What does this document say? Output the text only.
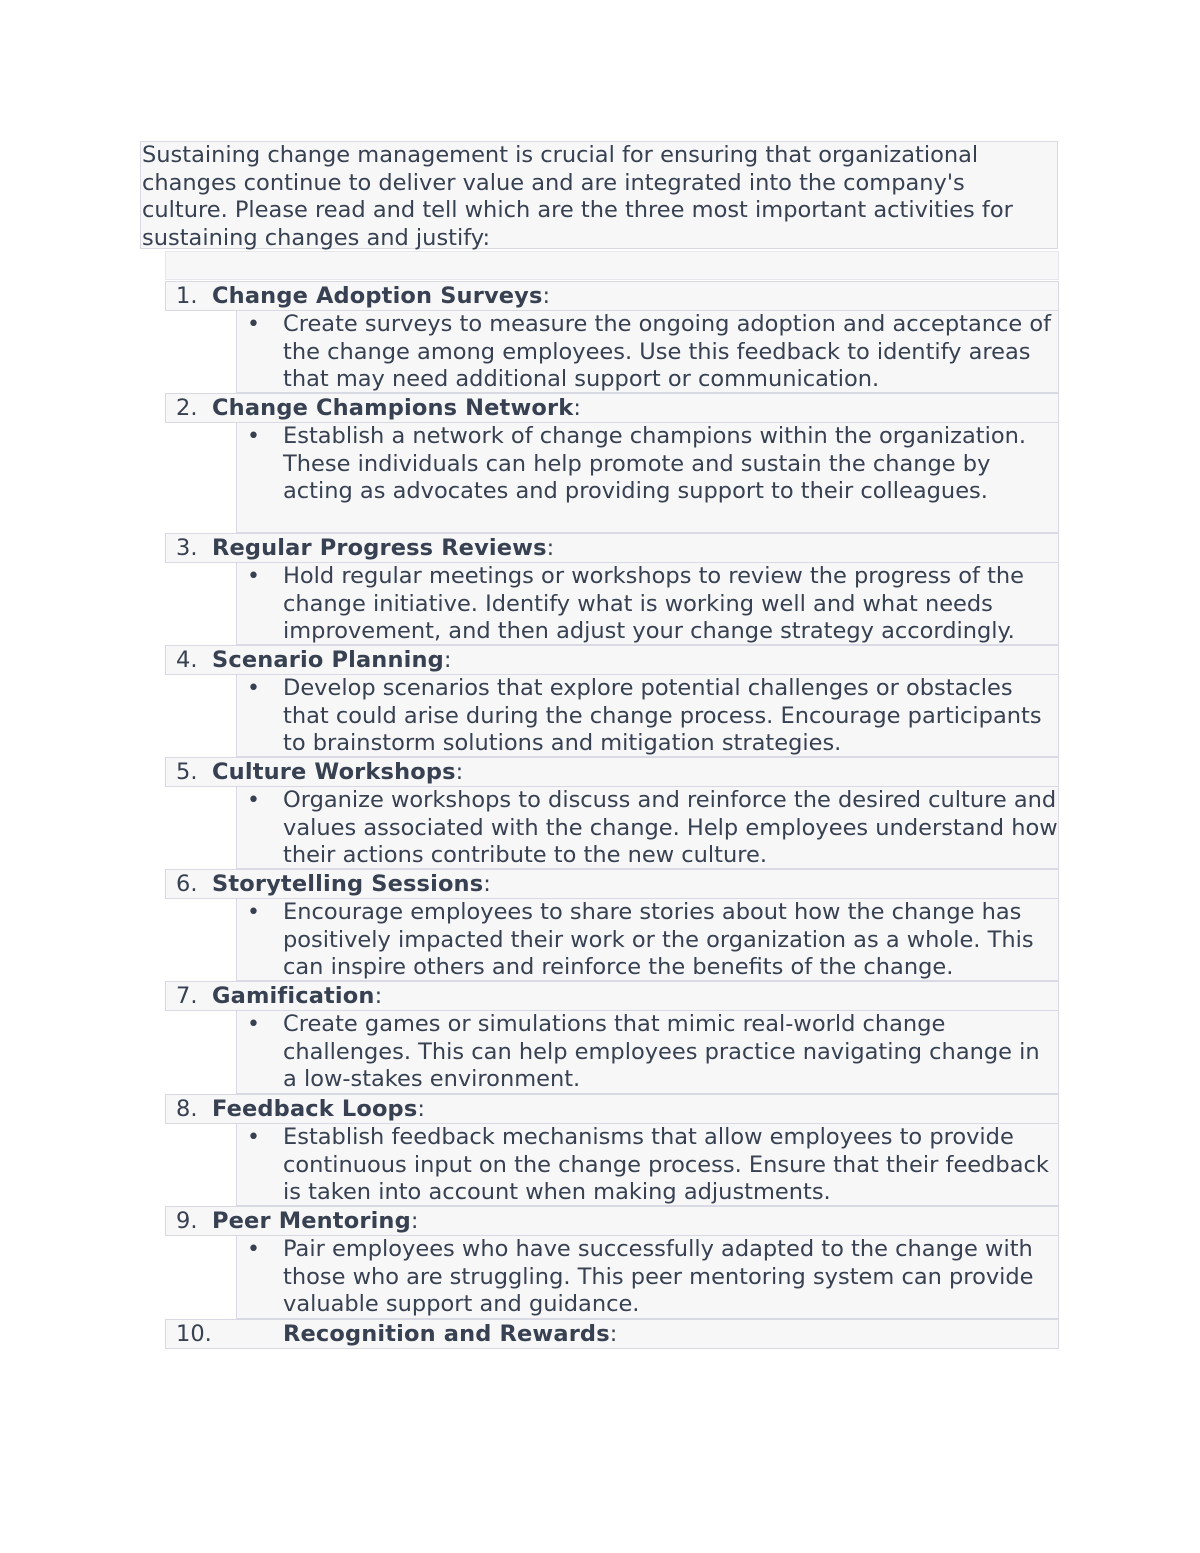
Sustaining change management is crucial for ensuring that organizational changes continue to deliver value and are integrated into the company's culture. Please read and tell which are the three most important activities for sustaining changes and justify:
1. Change Adoption Surveys:
• Create surveys to measure the ongoing adoption and acceptance of the change among employees. Use this feedback to identify areas that may need additional support or communication.
2. Change Champions Network:
• Establish a network of change champions within the organization. These individuals can help promote and sustain the change by acting as advocates and providing support to their colleagues.
3. Regular Progress Reviews:
• Hold regular meetings or workshops to review the progress of the change initiative. Identify what is working well and what needs improvement, and then adjust your change strategy accordingly.
4. Scenario Planning:
• Develop scenarios that explore potential challenges or obstacles that could arise during the change process. Encourage participants to brainstorm solutions and mitigation strategies.
5. Culture Workshops:
• Organize workshops to discuss and reinforce the desired culture and values associated with the change. Help employees understand how their actions contribute to the new culture.
6. Storytelling Sessions:
• Encourage employees to share stories about how the change has positively impacted their work or the organization as a whole. This can inspire others and reinforce the benefits of the change.
7. Gamification:
• Create games or simulations that mimic real-world change challenges. This can help employees practice navigating change in a low-stakes environment.
8. Feedback Loops:
• Establish feedback mechanisms that allow employees to provide continuous input on the change process. Ensure that their feedback is taken into account when making adjustments.
9. Peer Mentoring:
• Pair employees who have successfully adapted to the change with those who are struggling. This peer mentoring system can provide valuable support and guidance.
10.	Recognition and Rewards:
